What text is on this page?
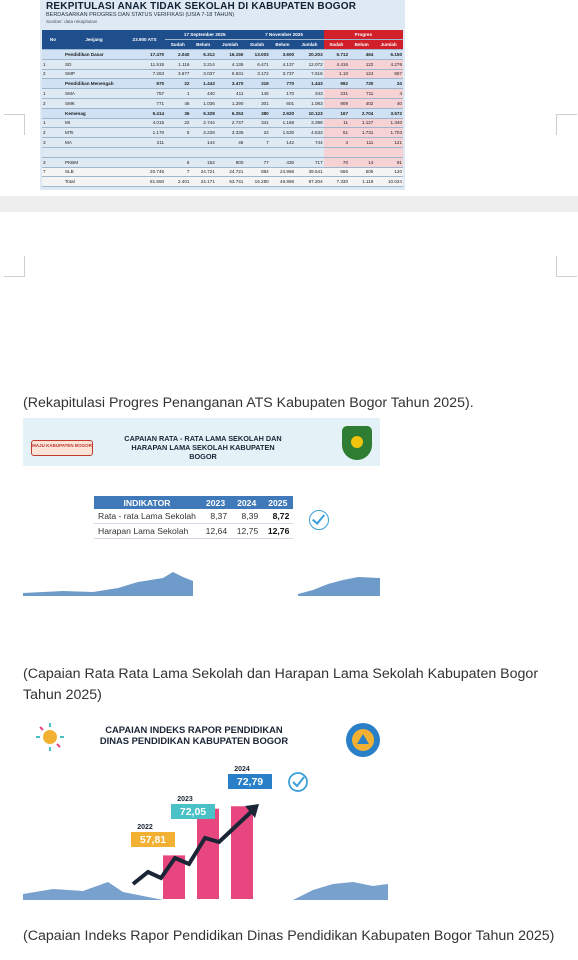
REKPITULASI ANAK TIDAK SEKOLAH DI KABUPATEN BOGOR
BERDASARKAN PROGRES DAN STATUS VERIFIKASI (USIA 7-18 TAHUN)
Sumber: data rekapitulasi
No	Jenjang	23.900 ATS	17 September 2025			7 November 2025			Progres		
			Sudah	Belum	Jumlah	Sudah	Belum	Jumlah	Sudah	Belum	Jumlah
	Pendidikan Dasar	17.470	2.040	6.312	16.150	13.003	3.600	20.203	5.712	464	6.150
1	SD	11.515	1.116	3.214	4.136	6.471	4.137	12.072	4.416	122	4.276
2	SMP	7.263	3.677	3.037	6.631	3.172	3.737	7.616	1.10	124	557
	Pendidikan Menengah	970	22	1.443	3.470	319	770	1.443	992	730	24
1	SMA	757	1	440	411	145	170	343	231	711	4
2	SMK	771	46	1.036	1.290	301	601	1.083	909	402	40
	Kemenag	5.414	36	6.328	6.252	380	2.920	10.123	167	2.704	3.572
1	MI	4.015	22	2.744	2.747	341	1.168	3.398	11	1.127	1.340
2	MTs	1.170	5	3.228	3.336	22	1.530	4.533	51	1.731	1.703
3	MA	211		144	46	7	142	744	4	111	121

3	PKBM		6	152	900	77	430	717	70	14	91
7	SLB	20.746	7	24.721	24.721	884	24.986	39.541	666	505	120
	Total	81.550	2.401	24.171	53.741	16.280	46.866	87.204	7.330	1.119	10.024
(Rekapitulasi Progres Penanganan ATS Kabupaten Bogor Tahun 2025).
MAJU KABUPATEN BOGOR
CAPAIAN RATA - RATA LAMA SEKOLAH DAN HARAPAN LAMA SEKOLAH KABUPATEN BOGOR
INDIKATOR	2023	2024	2025
Rata - rata Lama Sekolah	8,37	8,39	8,72
Harapan Lama Sekolah	12,64	12,75	12,76
(Capaian Rata Rata Lama Sekolah dan Harapan Lama Sekolah Kabupaten Bogor Tahun 2025)
CAPAIAN INDEKS RAPOR PENDIDIKAN DINAS PENDIDIKAN KABUPATEN BOGOR
57,81
2022
72,05
2023
72,79
2024
(Capaian Indeks Rapor Pendidikan Dinas Pendidikan Kabupaten Bogor Tahun 2025)
